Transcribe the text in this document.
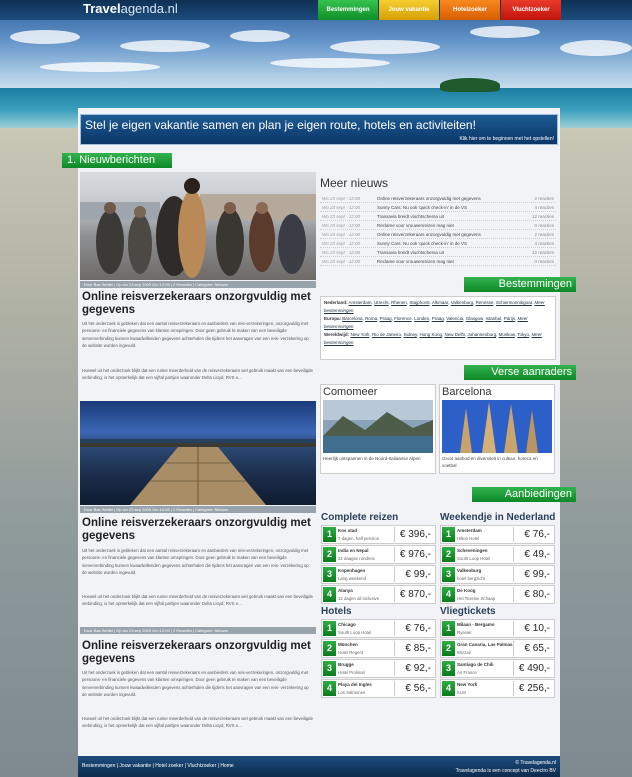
Travelagenda.nl	Bestemmingen	Jouw vakantie	Hotelzoeker	Vluchtzoeker
Stel je eigen vakantie samen en plan je eigen route, hotels en activiteiten!
Klik hier om te beginnen met het opstellen!
1. Nieuwberichten
Door Bas Wettel | Op wo 23 sep 2009 Om 12:09 | 2 Reacties | Categorie: Nieuws
Online reisverzekeraars onzorgvuldig met gegevens
Uit het onderzoek is gebleken dat een aantal reisverzekeraars en aanbieders van reis-verzekeringen, onzorgvuldig met persoons- en financiele gegevens van klanten omspringen. Door geen gebruik te maken van een beveiligde serververbinding kunnen kwaadwillenden gegevens achterhalen die tijdens het aanvragen van een reis- verzekering op de website worden ingevuld.
Hoewel uit het onderzoek blijkt dat een ruime meerderheid van de reisverzekeraars wel gebruik maakt van een beveiligde verbinding, is het opmerkelijk dat een vijftal partijen waaronder Delta Lloyd, RVS e...
Door Bas Wettel | Op wo 23 sep 2009 Om 12:09 | 2 Reacties | Categorie: Nieuws
Online reisverzekeraars onzorgvuldig met gegevens
Uit het onderzoek is gebleken dat een aantal reisverzekeraars en aanbieders van reis-verzekeringen, onzorgvuldig met persoons- en financiele gegevens van klanten omspringen. Door geen gebruik te maken van een beveiligde serververbinding kunnen kwaadwillenden gegevens achterhalen die tijdens het aanvragen van een reis- verzekering op de website worden ingevuld.
Hoewel uit het onderzoek blijkt dat een ruime meerderheid van de reisverzekeraars wel gebruik maakt van een beveiligde verbinding, is het opmerkelijk dat een vijftal partijen waaronder Delta Lloyd, RVS e...
Door Bas Wettel | Op wo 23 sep 2009 Om 12:09 | 2 Reacties | Categorie: Nieuws
Online reisverzekeraars onzorgvuldig met gegevens
Uit het onderzoek is gebleken dat een aantal reisverzekeraars en aanbieders van reis-verzekeringen, onzorgvuldig met persoons- en financiele gegevens van klanten omspringen. Door geen gebruik te maken van een beveiligde serververbinding kunnen kwaadwillenden gegevens achterhalen die tijdens het aanvragen van een reis- verzekering op de website worden ingevuld.
Hoewel uit het onderzoek blijkt dat een ruime meerderheid van de reisverzekeraars wel gebruik maakt van een beveiligde verbinding, is het opmerkelijk dat een vijftal partijen waaronder Delta Lloyd, RVS e...
Meer nieuws
Wo 23 sept - 12:00	Online reisverzekeraars onzorgvuldig met gegevens	2 reacties
Wo 23 sept - 12:00	Sunny Cars: Nu ook 'quick check-in' in de VS	4 reacties
Wo 23 sept - 12:00	Transavia breidt vluchtschema uit	12 reacties
Wo 23 sept - 12:00	Reclame voor vrouwenreizen mag niet	0 reacties
Wo 23 sept - 12:00	Online reisverzekeraars onzorgvuldig met gegevens	2 reacties
Wo 23 sept - 12:00	Sunny Cars: Nu ook 'quick check-in' in de VS	4 reacties
Wo 23 sept - 12:00	Transavia breidt vluchtschema uit	12 reacties
Wo 23 sept - 12:00	Reclame voor vrouwenreizen mag niet	0 reacties
Bestemmingen
Nederland: Amsterdam, Utrecht, Rhenen, Stajphorst, Alkmaar, Valkenburg, Renesse, Schiermonnikgoat, Meer bestemmingen
Europa: Barcelona, Roma, Praag, Florence, Londen, Praag, Valencia, Glasgow, Istanbul, Parijs, Meer bestemmingen
Wereldwijd: New York, Rio de Janeiro, Sidney, Hong Kong, New Delhi, Johannesburg, Moskow, Tokyo, Meer bestemmingen

Verse aanraders
Comomeer
Heerlijk ontspannen in de Noord-Italiaanse Alpen
Barcelona
Groot aanbod en diversiteit in cultuur, horeca en voetbal
Aanbiedingen
Complete reizen
1	Kos stad
7 dagen, half pension	€ 396,-
2	India en Nepal
22 daagse rondreis	€ 976,-
3	Kopenhagen
Lang weekend	€ 99,-
4	Alanya
12 dagen all inclusive	€ 870,-
Weekendje in Nederland
1	Amsterdam
Hilton Hotel	€ 76,-
2	Scheveningen
South Loop Hotel	€ 49,-
3	Valkenburg
hotel bergzicht	€ 99,-
4	De Koog
Het Texelse Schaap	€ 80,-
Hotels
1	Chicago
South Loop Hotel	€ 76,-
2	München
Hotel Regent	€ 85,-
3	Brugge
Hotel Prolinari	€ 92,-
4	Playa del Ingles
Los Salmones	€ 56,-
Vliegtickets
1	Milaan - Bergamo
Ryanair	€ 10,-
2	Gran Canaria, Las Palmas
Wizzair	€ 65,-
3	Santiago de Chili
Air France	€ 490,-
4	New York
KLM	€ 256,-
Bestemmingen | Jouw vakantie | Hotel zoeker | Vluchtzoeker | Home	© Travelagenda.nl
Travelagenda is een concept van Deectro BV
